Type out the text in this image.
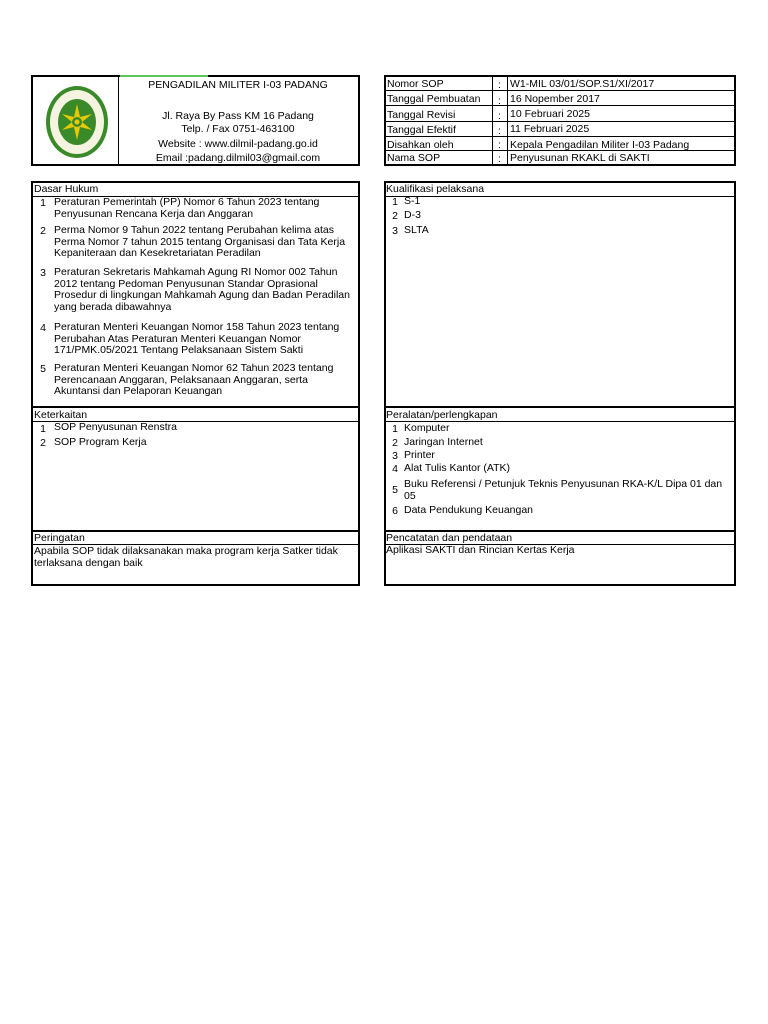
PENGADILAN MILITER I-03 PADANG
Jl. Raya By Pass KM 16 Padang
Telp. / Fax 0751-463100
Website : www.dilmil-padang.go.id
Email :padang.dilmil03@gmail.com
Nomor SOP	: W1-MIL 03/01/SOP.S1/XI/2017
Tanggal Pembuatan : 16 Nopember 2017
Tanggal Revisi	: 10 Februari 2025
Tanggal Efektif	: 11 Februari 2025
Disahkan oleh	: Kepala Pengadilan Militer I-03 Padang
Nama SOP	: Penyusunan RKAKL di SAKTI
Dasar Hukum
1 Peraturan Pemerintah (PP) Nomor 6 Tahun 2023 tentang Penyusunan Rencana Kerja dan Anggaran
2 Perma Nomor 9 Tahun 2022 tentang Perubahan kelima atas Perma Nomor 7 tahun 2015 tentang Organisasi dan Tata Kerja Kepaniteraan dan Kesekretariatan Peradilan
3 Peraturan Sekretaris Mahkamah Agung RI Nomor 002 Tahun 2012 tentang Pedoman Penyusunan Standar Oprasional Prosedur di lingkungan Mahkamah Agung dan Badan Peradilan yang berada dibawahnya
4 Peraturan Menteri Keuangan Nomor 158 Tahun 2023 tentang Perubahan Atas Peraturan Menteri Keuangan Nomor 171/PMK.05/2021 Tentang Pelaksanaan Sistem Sakti
5 Peraturan Menteri Keuangan Nomor 62 Tahun 2023 tentang Perencanaan Anggaran, Pelaksanaan Anggaran, serta Akuntansi dan Pelaporan Keuangan
Keterkaitan
1 SOP Penyusunan Renstra
2 SOP Program Kerja
Peringatan
Apabila SOP tidak dilaksanakan maka program kerja Satker tidak terlaksana dengan baik
Kualifikasi pelaksana
1 S-1
2 D-3
3 SLTA
Peralatan/perlengkapan
1 Komputer
2 Jaringan Internet
3 Printer
4 Alat Tulis Kantor (ATK)
5 Buku Referensi / Petunjuk Teknis Penyusunan RKA-K/L Dipa 01 dan 05
6 Data Pendukung Keuangan
Pencatatan dan pendataan
Aplikasi SAKTI dan Rincian Kertas Kerja
